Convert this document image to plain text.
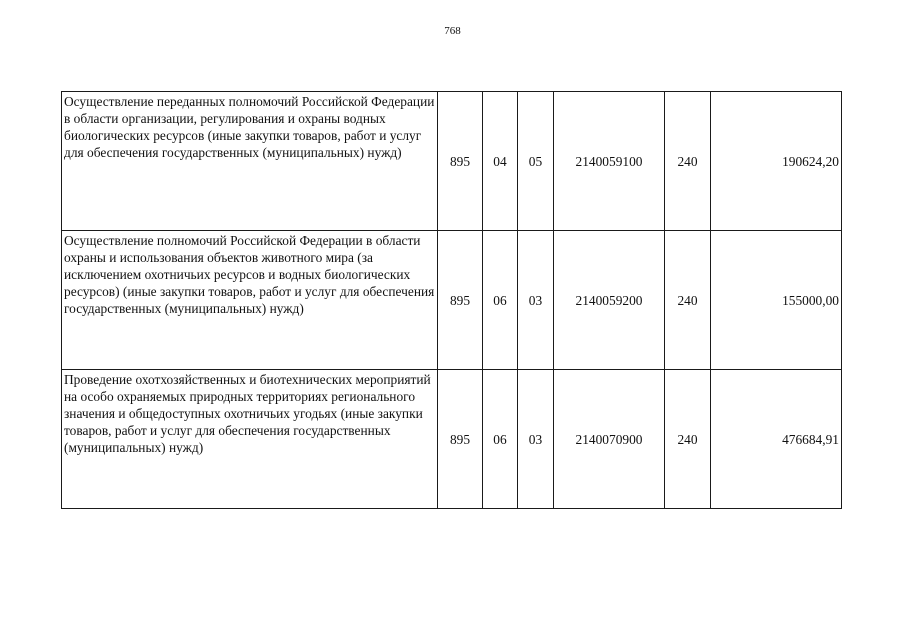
768
Осуществление переданных полномочий Российской Федерации в области организации, регулирования и охраны водных биологических ресурсов (иные закупки товаров, работ и услуг для обеспечения государственных (муниципальных) нужд)	895	04	05	2140059100	240	190624,20
Осуществление полномочий Российской Федерации в области охраны и использования объектов животного мира (за исключением охотничьих ресурсов и водных биологических ресурсов) (иные закупки товаров, работ и услуг для обеспечения государственных (муниципальных) нужд)	895	06	03	2140059200	240	155000,00
Проведение охотхозяйственных и биотехнических мероприятий на особо охраняемых природных территориях регионального значения и общедоступных охотничьих угодьях (иные закупки товаров, работ и услуг для обеспечения государственных (муниципальных) нужд)	895	06	03	2140070900	240	476684,91
